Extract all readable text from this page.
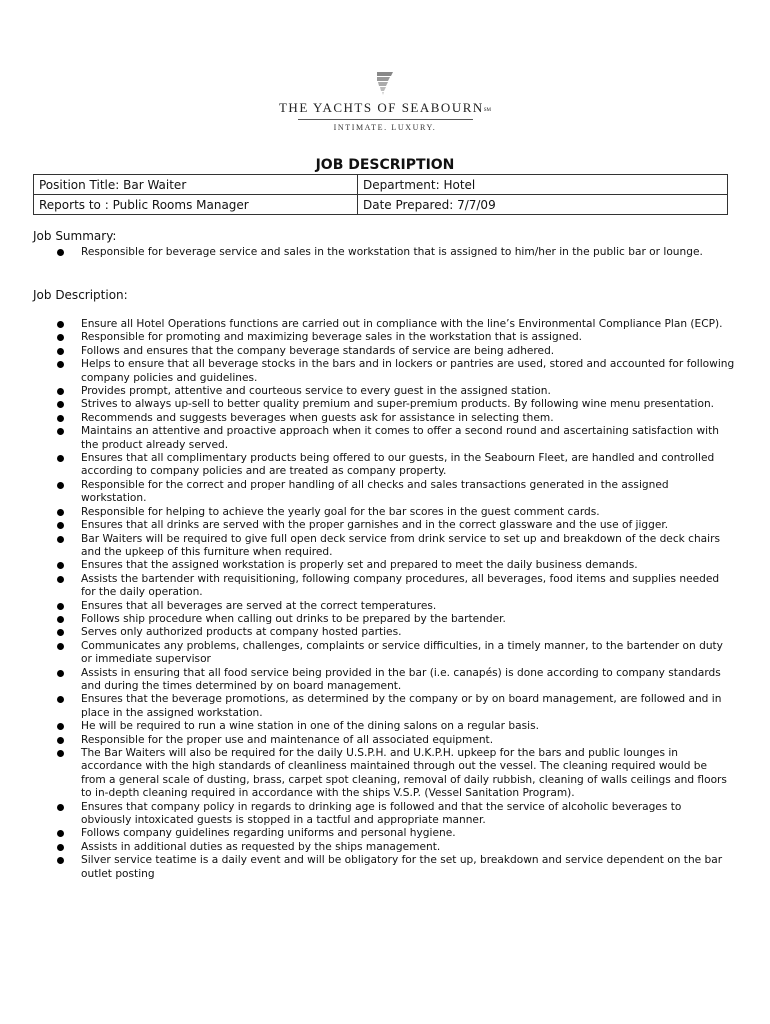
THE YACHTS OF SEABOURNSM
INTIMATE. LUXURY.
JOB DESCRIPTION
Position Title: Bar Waiter	Department: Hotel
Reports to : Public Rooms Manager	Date Prepared: 7/7/09
Job Summary:
Responsible for beverage service and sales in the workstation that is assigned to him/her in the public bar or lounge.
Job Description:
Ensure all Hotel Operations functions are carried out in compliance with the line’s Environmental Compliance Plan (ECP).
Responsible for promoting and maximizing beverage sales in the workstation that is assigned.
Follows and ensures that the company beverage standards of service are being adhered.
Helps to ensure that all beverage stocks in the bars and in lockers or pantries are used, stored and accounted for following company policies and guidelines.
Provides prompt, attentive and courteous service to every guest in the assigned station.
Strives to always up-sell to better quality premium and super-premium products. By following wine menu presentation.
Recommends and suggests beverages when guests ask for assistance in selecting them.
Maintains an attentive and proactive approach when it comes to offer a second round and ascertaining satisfaction with the product already served.
Ensures that all complimentary products being offered to our guests, in the Seabourn Fleet, are handled and controlled according to company policies and are treated as company property.
Responsible for the correct and proper handling of all checks and sales transactions generated in the assigned workstation.
Responsible for helping to achieve the yearly goal for the bar scores in the guest comment cards.
Ensures that all drinks are served with the proper garnishes and in the correct glassware and the use of jigger.
Bar Waiters will be required to give full open deck service from drink service to set up and breakdown of the deck chairs and the upkeep of this furniture when required.
Ensures that the assigned workstation is properly set and prepared to meet the daily business demands.
Assists the bartender with requisitioning, following company procedures, all beverages, food items and supplies needed for the daily operation.
Ensures that all beverages are served at the correct temperatures.
Follows ship procedure when calling out drinks to be prepared by the bartender.
Serves only authorized products at company hosted parties.
Communicates any problems, challenges, complaints or service difficulties, in a timely manner, to the bartender on duty or immediate supervisor
Assists in ensuring that all food service being provided in the bar (i.e. canapés) is done according to company standards and during the times determined by on board management.
Ensures that the beverage promotions, as determined by the company or by on board management, are followed and in place in the assigned workstation.
He will be required to run a wine station in one of the dining salons on a regular basis.
Responsible for the proper use and maintenance of all associated equipment.
The Bar Waiters will also be required for the daily U.S.P.H. and U.K.P.H. upkeep for the bars and public lounges in accordance with the high standards of cleanliness maintained through out the vessel. The cleaning required would be from a general scale of dusting, brass, carpet spot cleaning, removal of daily rubbish, cleaning of walls ceilings and floors to in-depth cleaning required in accordance with the ships V.S.P. (Vessel Sanitation Program).
Ensures that company policy in regards to drinking age is followed and that the service of alcoholic beverages to obviously intoxicated guests is stopped in a tactful and appropriate manner.
Follows company guidelines regarding uniforms and personal hygiene.
Assists in additional duties as requested by the ships management.
Silver service teatime is a daily event and will be obligatory for the set up, breakdown and service dependent on the bar outlet posting
